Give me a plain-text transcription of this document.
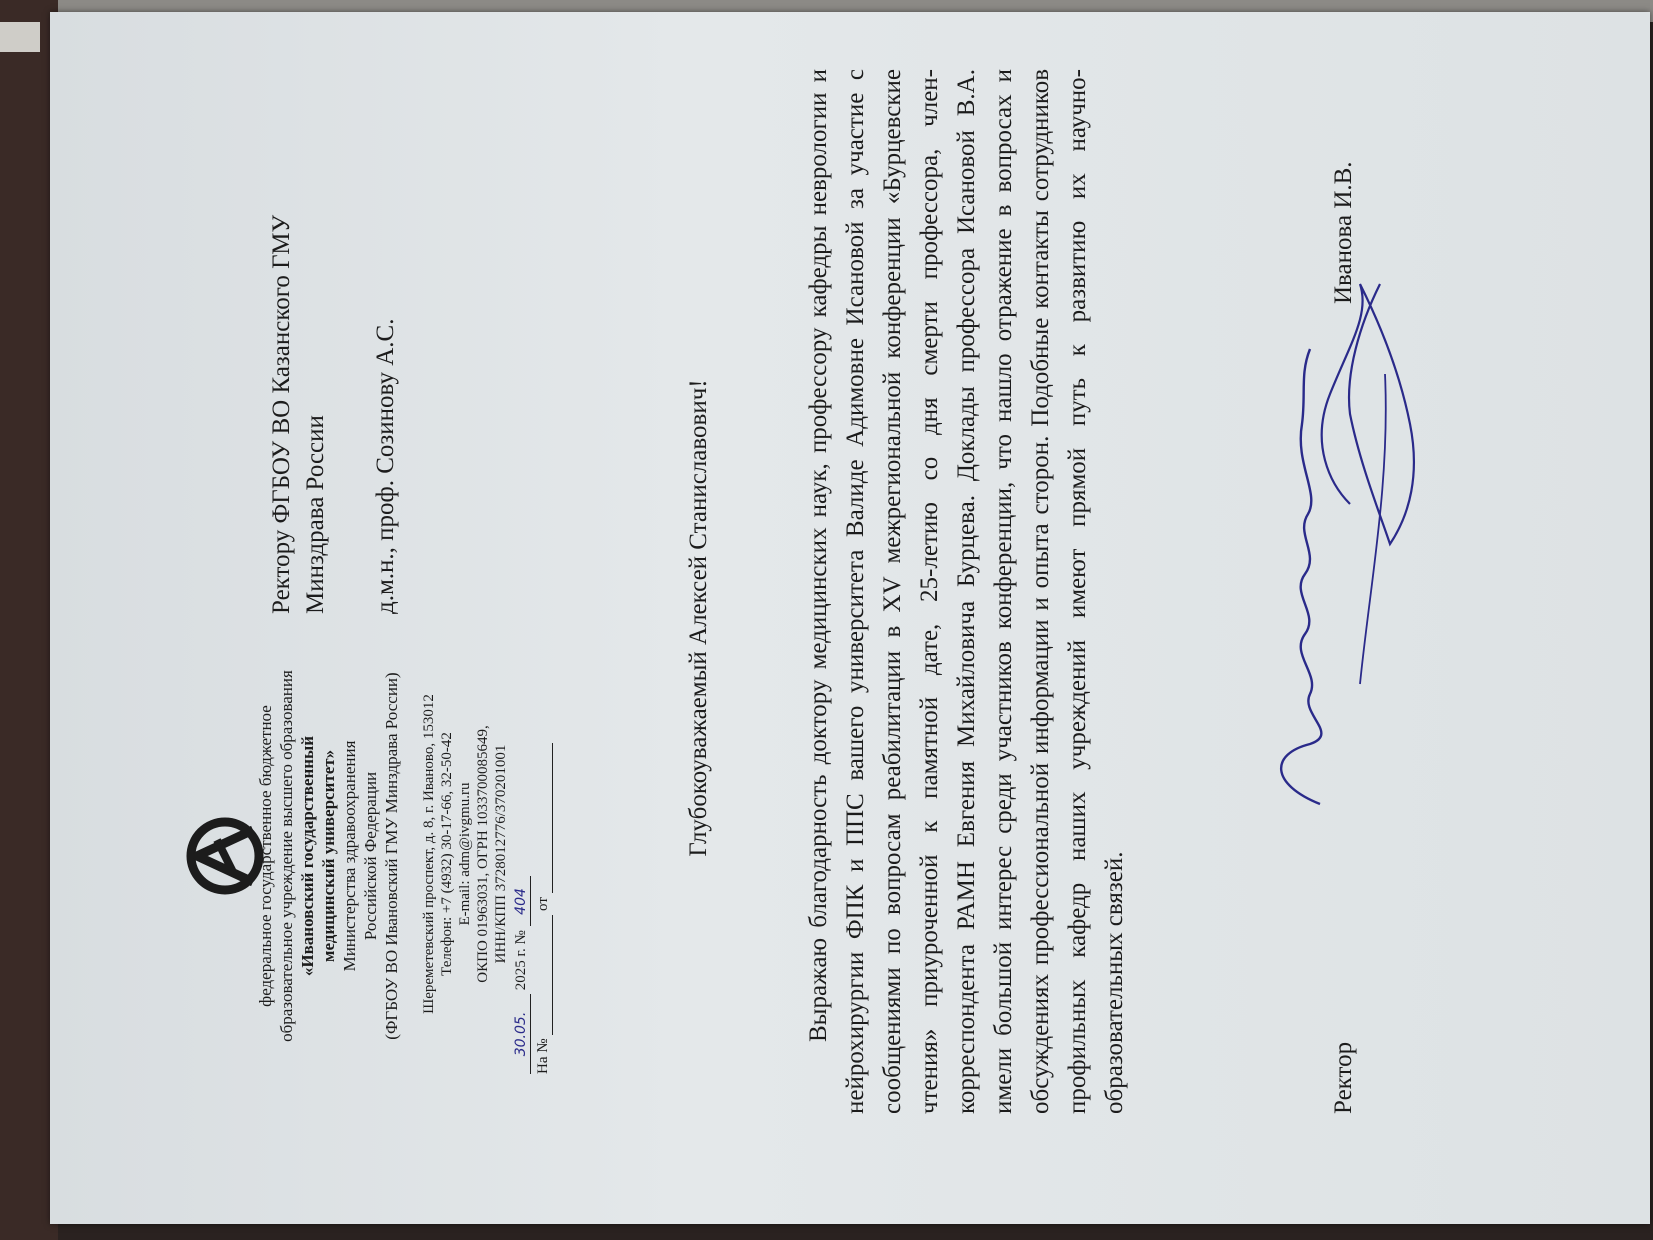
федеральное государственное бюджетное образовательное учреждение высшего образования «Ивановский государственный медицинский университет» Министерства здравоохранения Российской Федерации (ФГБОУ ВО Ивановский ГМУ Минздрава России) Шереметевский проспект, д. 8, г. Иваново, 153012 Телефон: +7 (4932) 30-17-66, 32-50-42 E-mail: adm@ivgmu.ru ОКПО 01963031, ОГРН 1033700085649, ИНН/КПП 3728012776/370201001
30.05. 2025 г. № 404
На №   от
Ректору ФГБОУ ВО Казанского ГМУ Минздрава России д.м.н., проф. Созинову А.С.	Глубокоуважаемый Алексей Станиславович!	Выражаю благодарность доктору медицинских наук, профессору кафедры неврологии и нейрохирургии ФПК и ППС вашего университета Валиде Адимовне Исановой за участие с сообщениями по вопросам реабилитации в XV межрегиональной конференции «Бурцевские чтения» приуроченной к памятной дате, 25-летию со дня смерти профессора, член-корреспондента РАМН Евгения Михайловича Бурцева. Доклады профессора Исановой В.А. имели большой интерес среди участников конференции, что нашло отражение в вопросах и обсуждениях профессиональной информации и опыта сторон. Подобные контакты сотрудников профильных кафедр наших учреждений имеют прямой путь к развитию их научно-образовательных связей.	Ректор
Иванова И.В.
